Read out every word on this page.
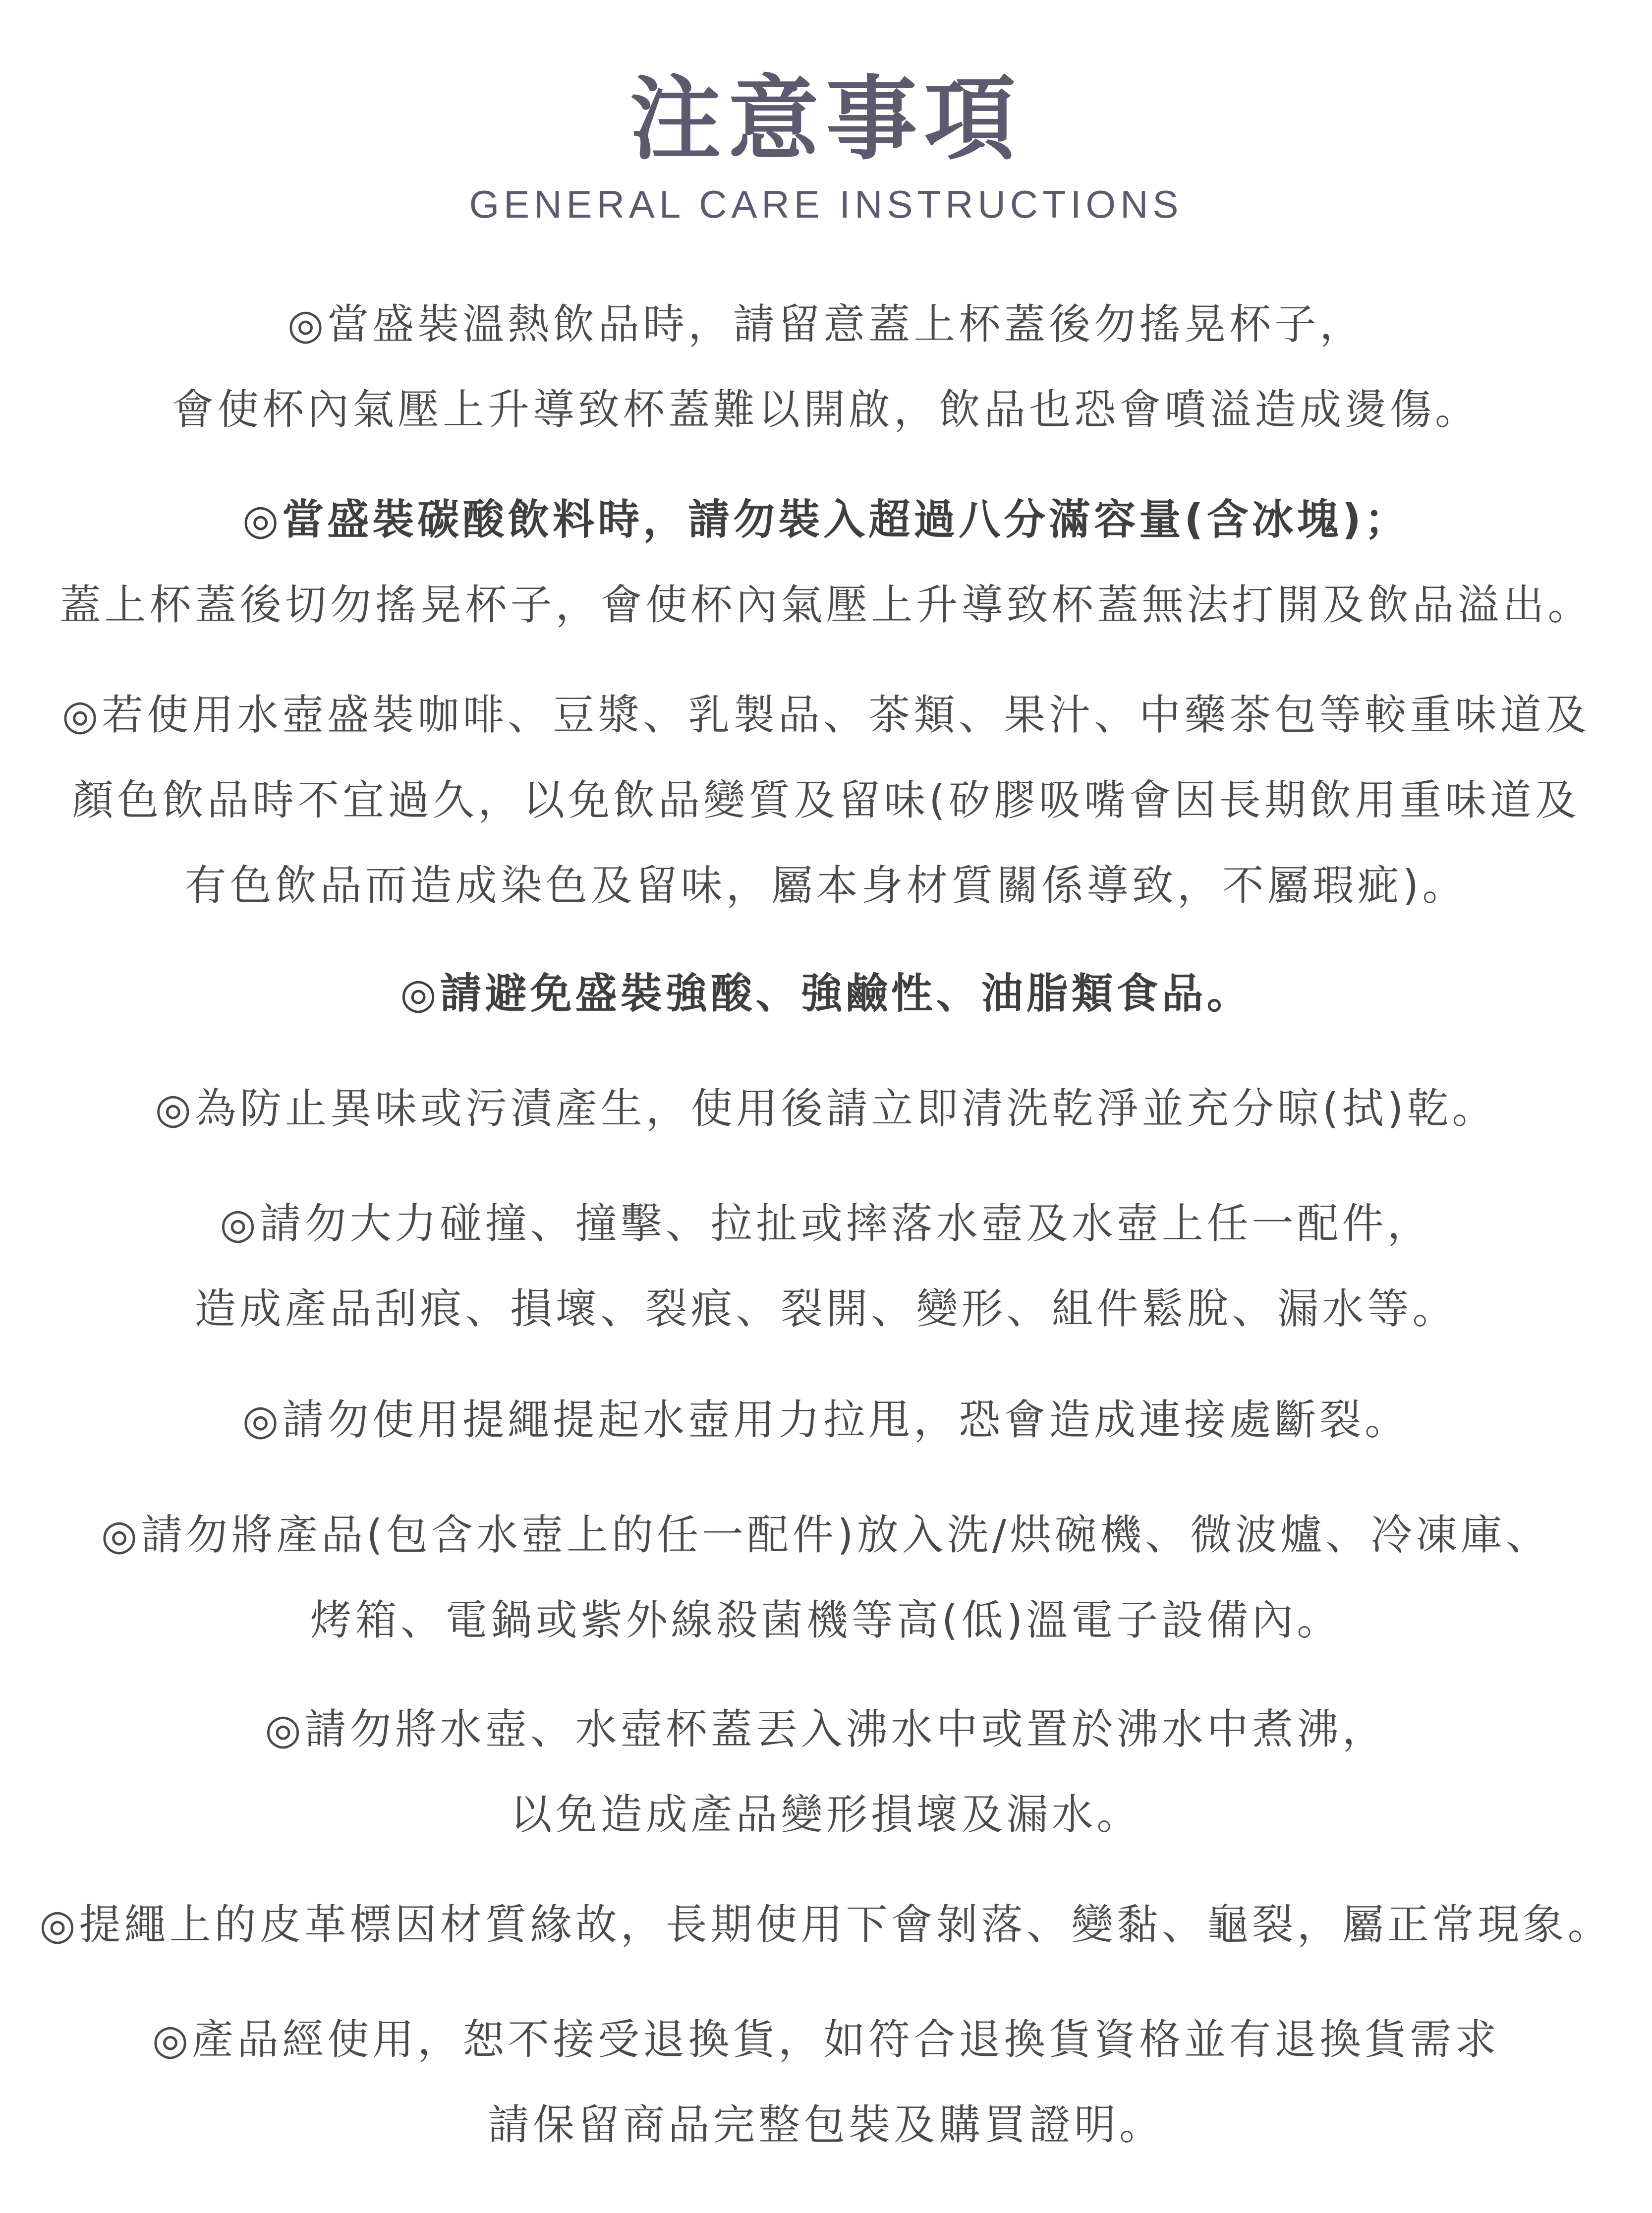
注意事項
GENERAL CARE INSTRUCTIONS
◎當盛裝溫熱飲品時，請留意蓋上杯蓋後勿搖晃杯子，
會使杯內氣壓上升導致杯蓋難以開啟，飲品也恐會噴溢造成燙傷。
◎當盛裝碳酸飲料時，請勿裝入超過八分滿容量(含冰塊)；
蓋上杯蓋後切勿搖晃杯子，會使杯內氣壓上升導致杯蓋無法打開及飲品溢出。
◎若使用水壺盛裝咖啡、豆漿、乳製品、茶類、果汁、中藥茶包等較重味道及
顏色飲品時不宜過久，以免飲品變質及留味(矽膠吸嘴會因長期飲用重味道及
有色飲品而造成染色及留味，屬本身材質關係導致，不屬瑕疵)。
◎請避免盛裝強酸、強鹼性、油脂類食品。
◎為防止異味或污漬產生，使用後請立即清洗乾淨並充分晾(拭)乾。
◎請勿大力碰撞、撞擊、拉扯或摔落水壺及水壺上任一配件，
造成產品刮痕、損壞、裂痕、裂開、變形、組件鬆脫、漏水等。
◎請勿使用提繩提起水壺用力拉甩，恐會造成連接處斷裂。
◎請勿將產品(包含水壺上的任一配件)放入洗/烘碗機、微波爐、冷凍庫、
烤箱、電鍋或紫外線殺菌機等高(低)溫電子設備內。
◎請勿將水壺、水壺杯蓋丟入沸水中或置於沸水中煮沸，
以免造成產品變形損壞及漏水。
◎提繩上的皮革標因材質緣故，長期使用下會剝落、變黏、龜裂，屬正常現象。
◎產品經使用，恕不接受退換貨，如符合退換貨資格並有退換貨需求
請保留商品完整包裝及購買證明。
